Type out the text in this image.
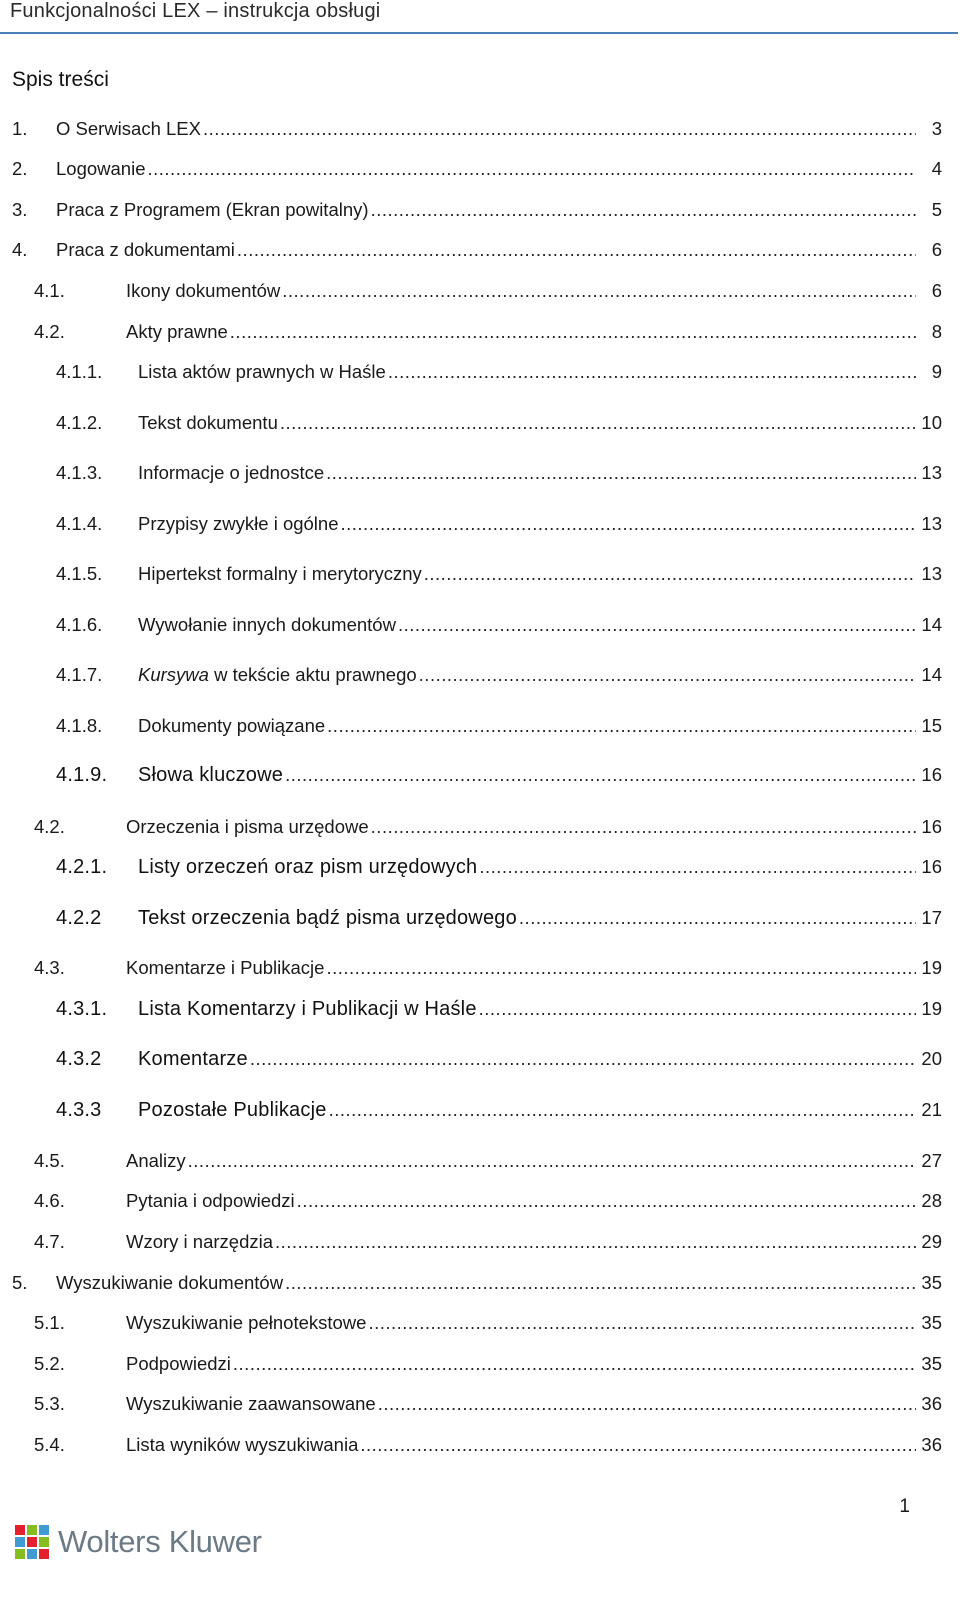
Funkcjonalności LEX – instrukcja obsługi
Spis treści
1.	O Serwisach LEX .....	3
2.	Logowanie .....	4
3.	Praca z Programem (Ekran powitalny) .....	5
4.	Praca z dokumentami .....	6
4.1.	Ikony dokumentów .....	6
4.2.	Akty prawne .....	8
4.1.1.	Lista aktów prawnych w Haśle .....	9
4.1.2.	Tekst dokumentu .....	10
4.1.3.	Informacje o jednostce .....	13
4.1.4.	Przypisy zwykłe i ogólne .....	13
4.1.5.	Hipertekst formalny i merytoryczny .....	13
4.1.6.	Wywołanie innych dokumentów .....	14
4.1.7.	Kursywa w tekście aktu prawnego .....	14
4.1.8.	Dokumenty powiązane .....	15
4.1.9.	Słowa kluczowe .....	16
4.2.	Orzeczenia i pisma urzędowe .....	16
4.2.1.	Listy orzeczeń oraz pism urzędowych .....	16
4.2.2	Tekst orzeczenia bądź pisma urzędowego .....	17
4.3.	Komentarze i Publikacje .....	19
4.3.1.	Lista Komentarzy i Publikacji w Haśle .....	19
4.3.2	Komentarze .....	20
4.3.3	Pozostałe Publikacje .....	21
4.5.	Analizy .....	27
4.6.	Pytania i odpowiedzi .....	28
4.7.	Wzory i narzędzia .....	29
5.	Wyszukiwanie dokumentów .....	35
5.1.	Wyszukiwanie pełnotekstowe .....	35
5.2.	Podpowiedzi .....	35
5.3.	Wyszukiwanie zaawansowane .....	36
5.4.	Lista wyników wyszukiwania .....	36
1
Wolters Kluwer
